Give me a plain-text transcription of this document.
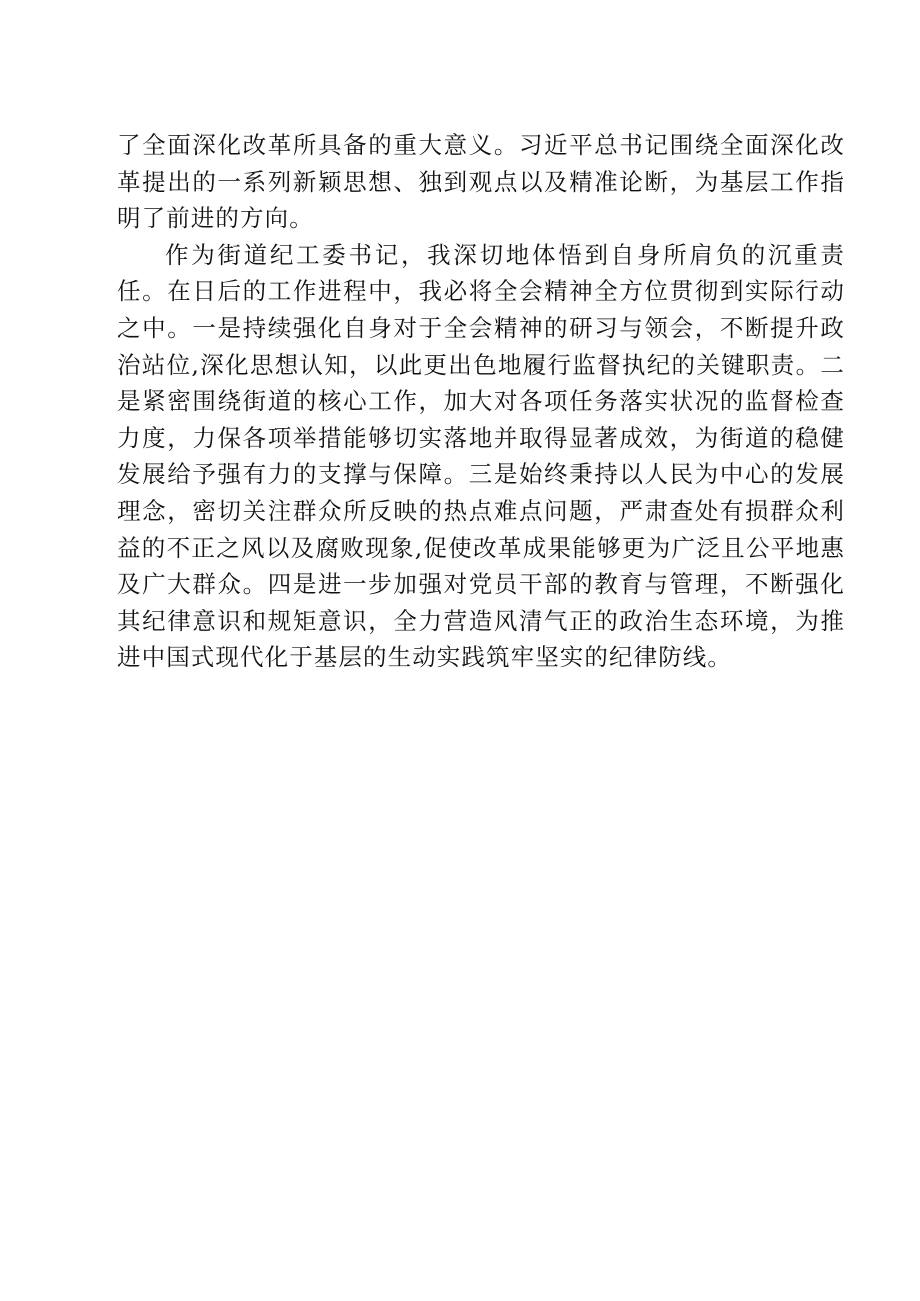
了全面深化改革所具备的重大意义。习近平总书记围绕全面深化改革提出的一系列新颖思想、独到观点以及精准论断，为基层工作指明了前进的方向。

作为街道纪工委书记，我深切地体悟到自身所肩负的沉重责任。在日后的工作进程中，我必将全会精神全方位贯彻到实际行动之中。一是持续强化自身对于全会精神的研习与领会，不断提升政治站位,深化思想认知，以此更出色地履行监督执纪的关键职责。二是紧密围绕街道的核心工作，加大对各项任务落实状况的监督检查力度，力保各项举措能够切实落地并取得显著成效，为街道的稳健发展给予强有力的支撑与保障。三是始终秉持以人民为中心的发展理念，密切关注群众所反映的热点难点问题，严肃查处有损群众利益的不正之风以及腐败现象,促使改革成果能够更为广泛且公平地惠及广大群众。四是进一步加强对党员干部的教育与管理，不断强化其纪律意识和规矩意识，全力营造风清气正的政治生态环境，为推进中国式现代化于基层的生动实践筑牢坚实的纪律防线。
